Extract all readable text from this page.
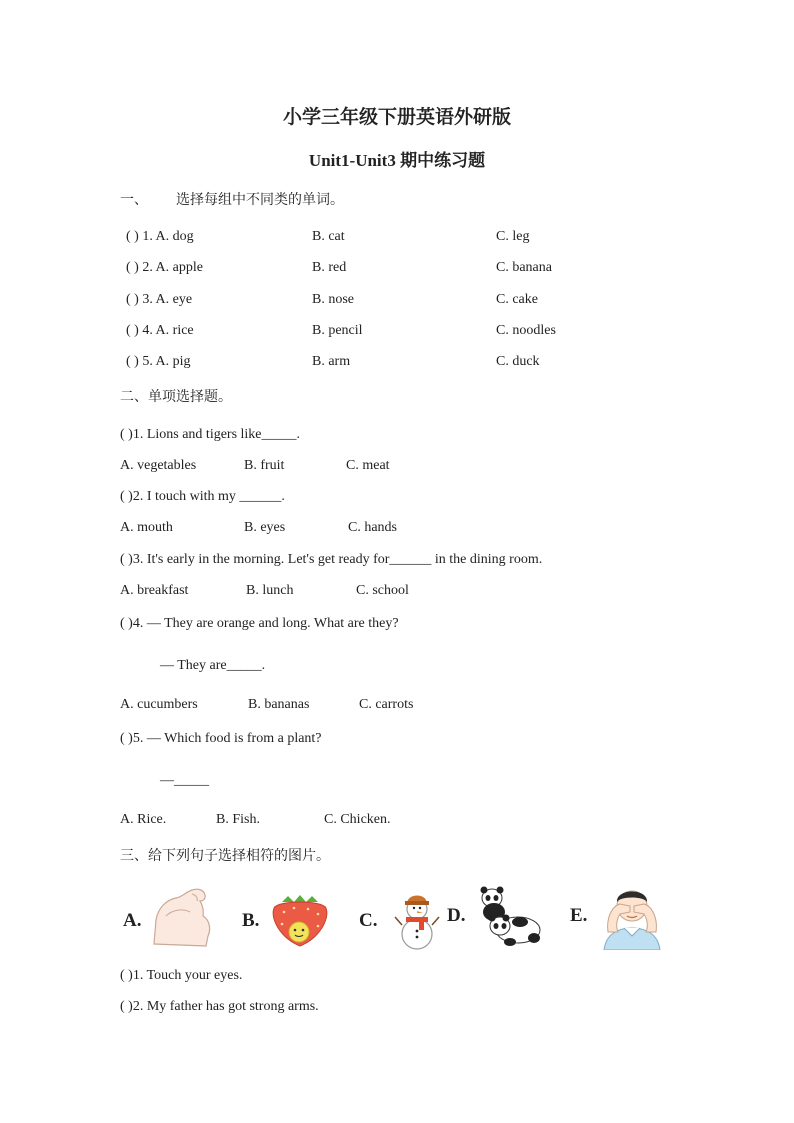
小学三年级下册英语外研版
Unit1-Unit3 期中练习题
一、 选择每组中不同类的单词。
( ) 1. A. dog	B. cat	C. leg
( ) 2. A. apple	B. red	C. banana
( ) 3. A. eye	B. nose	C. cake
( ) 4. A. rice	B. pencil	C. noodles
( ) 5. A. pig	B. arm	C. duck
二、单项选择题。
( )1. Lions and tigers like_____.
A. vegetables	B. fruit	C. meat
( )2. I touch with my ______.
A. mouth	B. eyes	C. hands
( )3. It's early in the morning. Let's get ready for______ in the dining room.
A. breakfast	B. lunch	C. school
( )4. — They are orange and long. What are they?
— They are_____.
A. cucumbers	B. bananas	C. carrots
( )5. — Which food is from a plant?
—_____
A. Rice.	B. Fish.	C. Chicken.
三、给下列句子选择相符的图片。
A.	B.	C.	D.	E.
( )1. Touch your eyes.
( )2. My father has got strong arms.
